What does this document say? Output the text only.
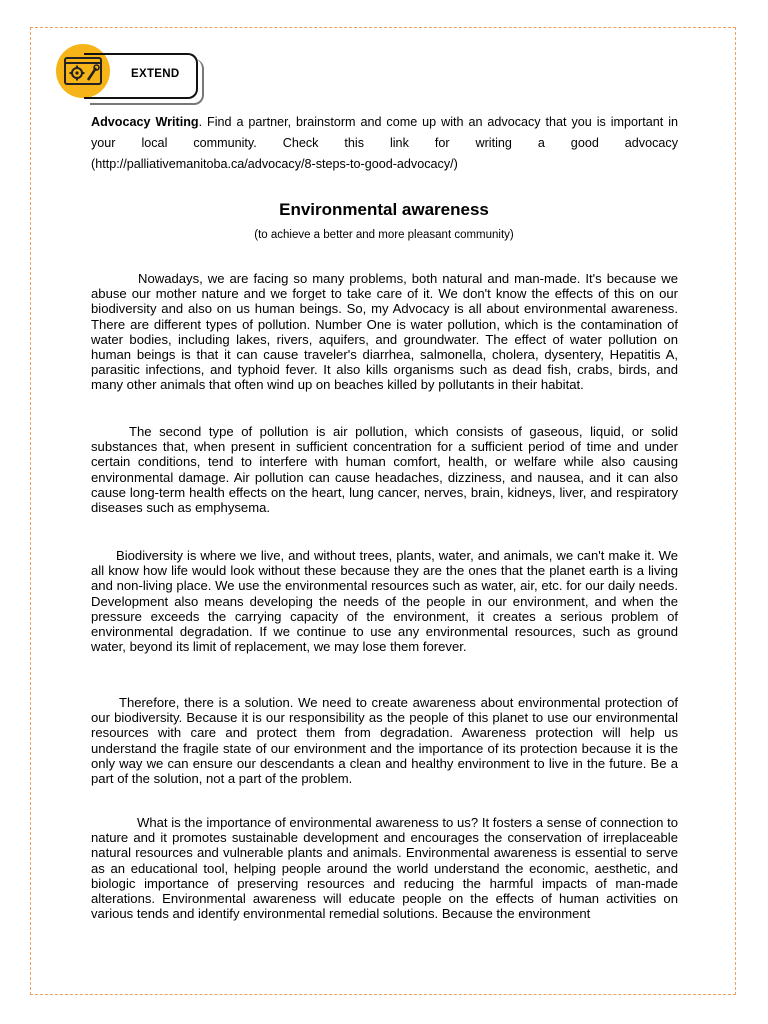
EXTEND

Advocacy Writing. Find a partner, brainstorm and come up with an advocacy that you is important in your local community. Check this link for writing a good advocacy (http://palliativemanitoba.ca/advocacy/8-steps-to-good-advocacy/)

Environmental awareness

(to achieve a better and more pleasant community)

Nowadays, we are facing so many problems, both natural and man-made. It's because we abuse our mother nature and we forget to take care of it. We don't know the effects of this on our biodiversity and also on us human beings. So, my Advocacy is all about environmental awareness. There are different types of pollution. Number One is water pollution, which is the contamination of water bodies, including lakes, rivers, aquifers, and groundwater. The effect of water pollution on human beings is that it can cause traveler's diarrhea, salmonella, cholera, dysentery, Hepatitis A, parasitic infections, and typhoid fever. It also kills organisms such as dead fish, crabs, birds, and many other animals that often wind up on beaches killed by pollutants in their habitat.

The second type of pollution is air pollution, which consists of gaseous, liquid, or solid substances that, when present in sufficient concentration for a sufficient period of time and under certain conditions, tend to interfere with human comfort, health, or welfare while also causing environmental damage. Air pollution can cause headaches, dizziness, and nausea, and it can also cause long-term health effects on the heart, lung cancer, nerves, brain, kidneys, liver, and respiratory diseases such as emphysema.

Biodiversity is where we live, and without trees, plants, water, and animals, we can't make it. We all know how life would look without these because they are the ones that the planet earth is a living and non-living place. We use the environmental resources such as water, air, etc. for our daily needs. Development also means developing the needs of the people in our environment, and when the pressure exceeds the carrying capacity of the environment, it creates a serious problem of environmental degradation. If we continue to use any environmental resources, such as ground water, beyond its limit of replacement, we may lose them forever.

Therefore, there is a solution. We need to create awareness about environmental protection of our biodiversity. Because it is our responsibility as the people of this planet to use our environmental resources with care and protect them from degradation. Awareness protection will help us understand the fragile state of our environment and the importance of its protection because it is the only way we can ensure our descendants a clean and healthy environment to live in the future. Be a part of the solution, not a part of the problem.

What is the importance of environmental awareness to us? It fosters a sense of connection to nature and it promotes sustainable development and encourages the conservation of irreplaceable natural resources and vulnerable plants and animals. Environmental awareness is essential to serve as an educational tool, helping people around the world understand the economic, aesthetic, and biologic importance of preserving resources and reducing the harmful impacts of man-made alterations. Environmental awareness will educate people on the effects of human activities on various tends and identify environmental remedial solutions. Because the environment
